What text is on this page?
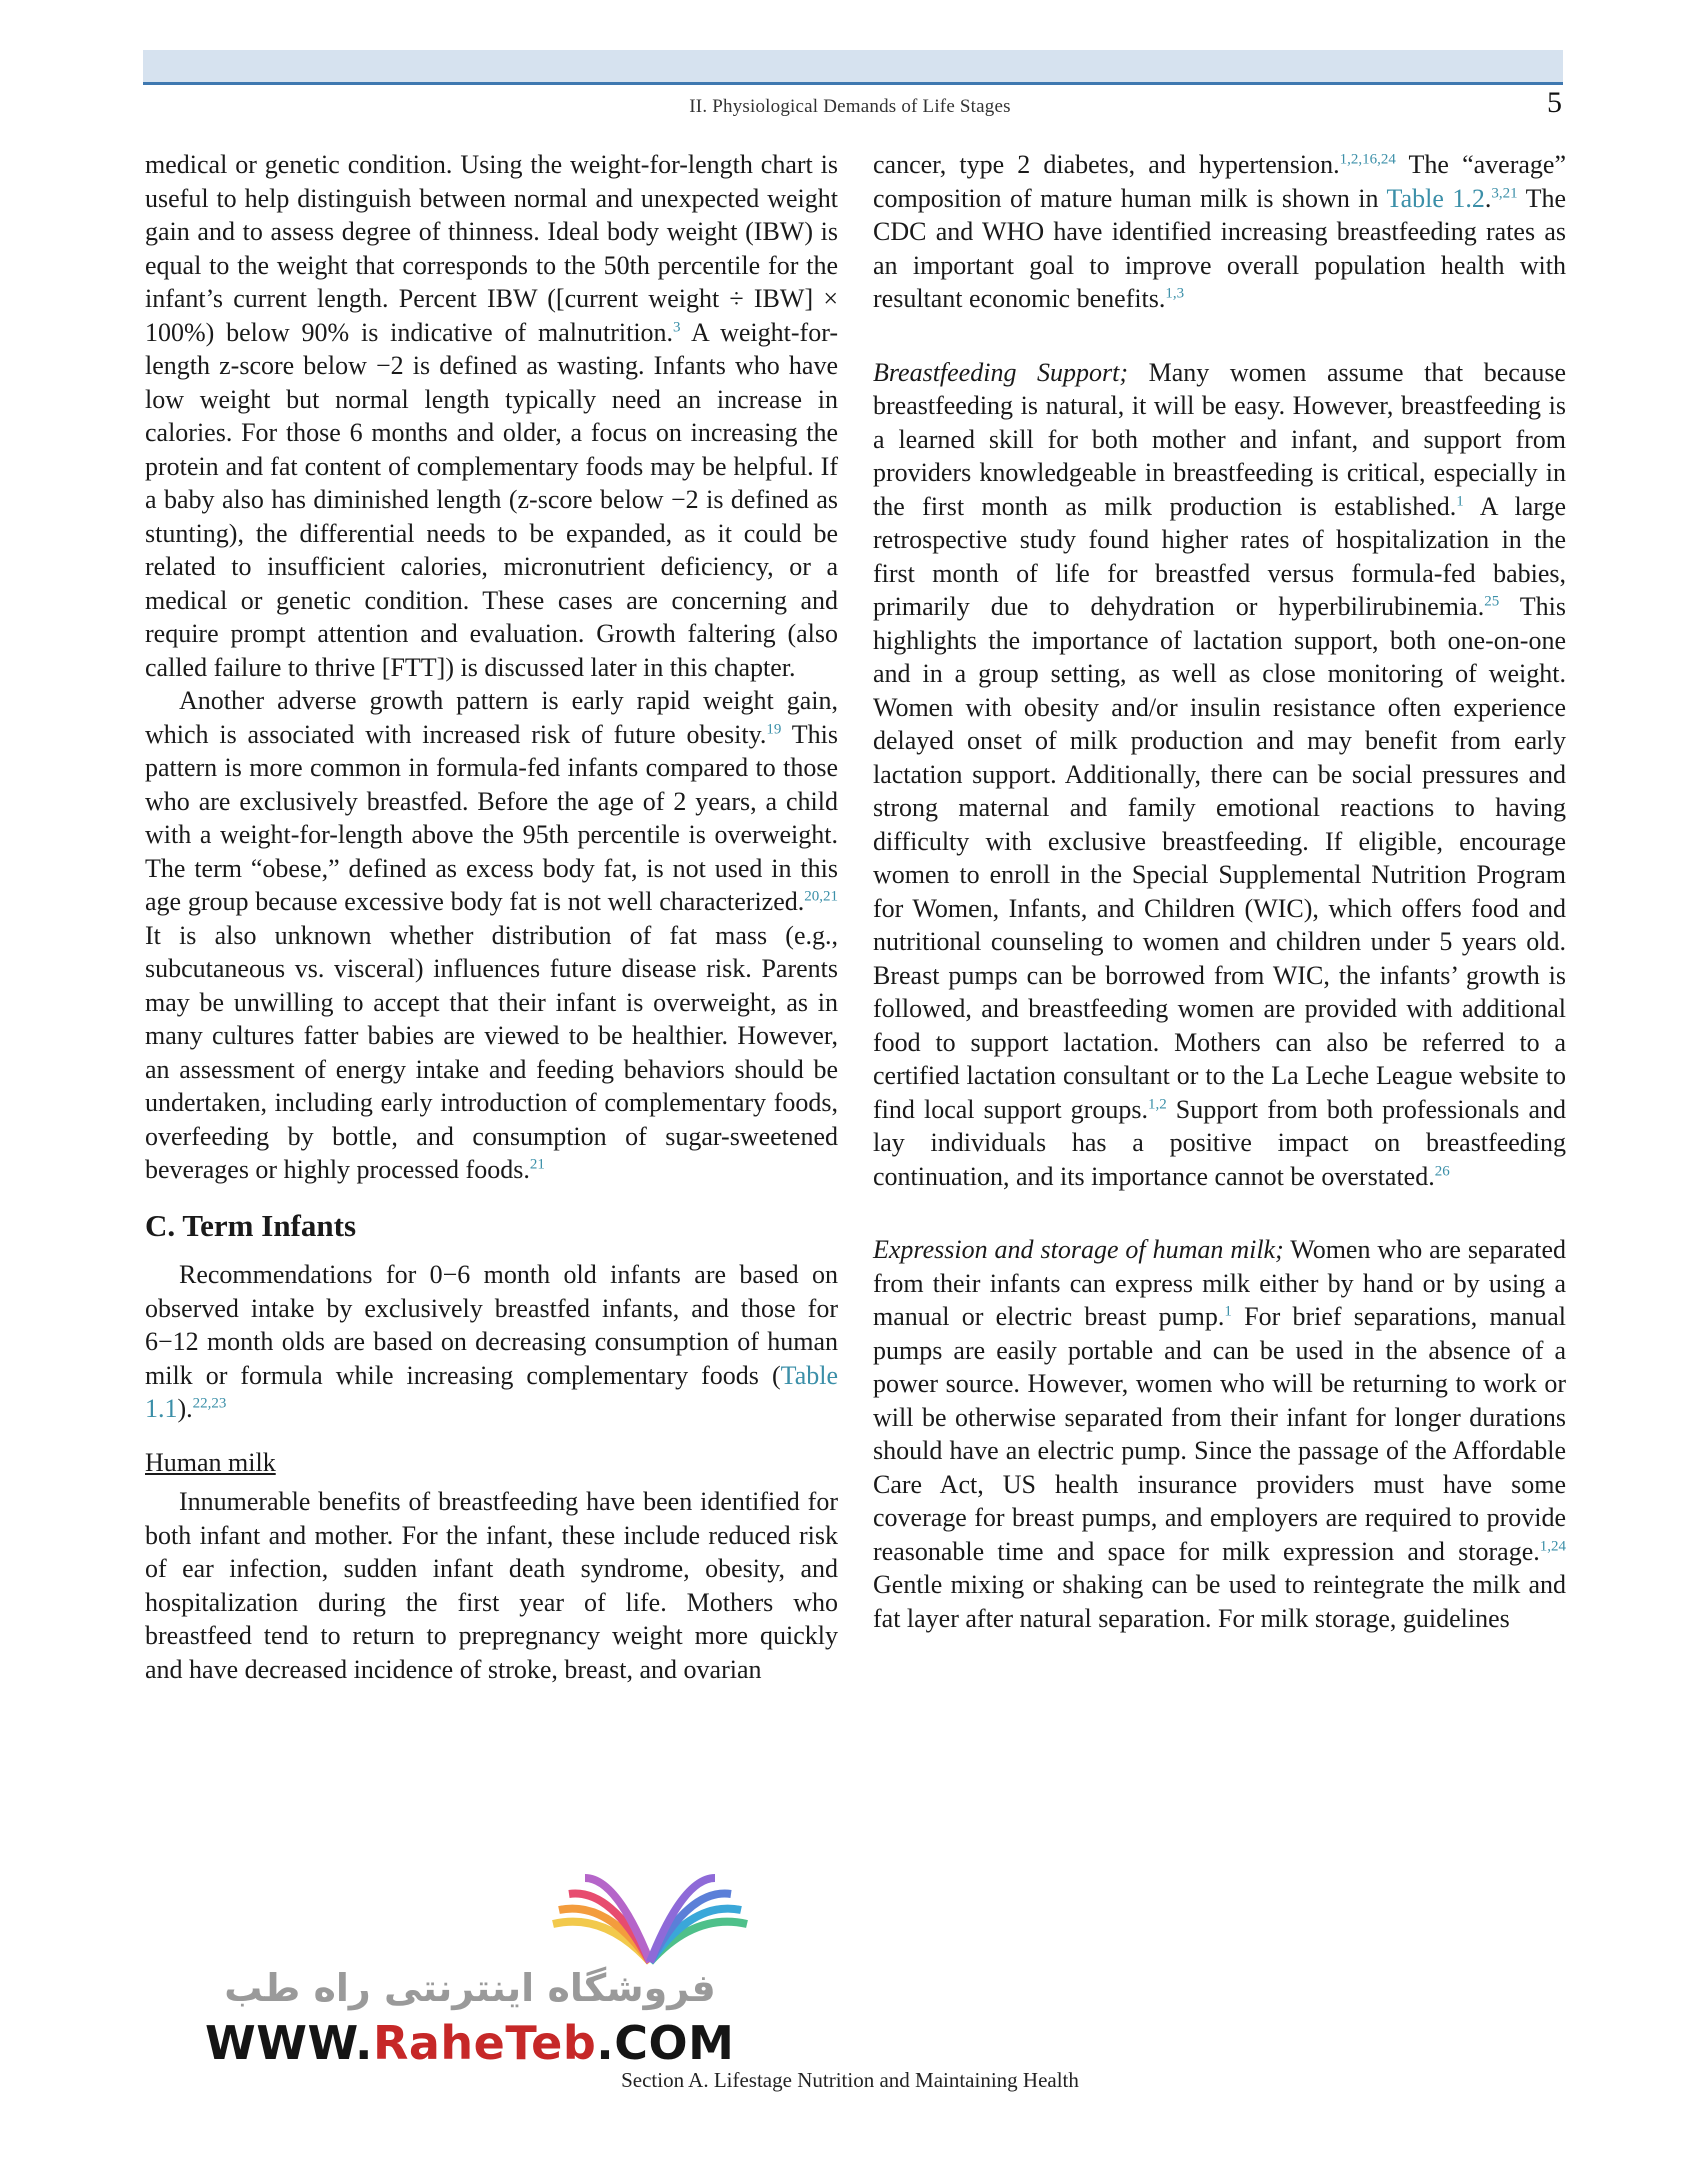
II. Physiological Demands of Life Stages	5

medical or genetic condition. Using the weight-for-length chart is useful to help distinguish between normal and unexpected weight gain and to assess degree of thinness. Ideal body weight (IBW) is equal to the weight that corresponds to the 50th percentile for the infant’s current length. Percent IBW ([current weight ÷ IBW] × 100%) below 90% is indicative of malnutrition.$^3$ A weight-for-length z-score below −2 is defined as wasting. Infants who have low weight but normal length typically need an increase in calories. For those 6 months and older, a focus on increasing the protein and fat content of complementary foods may be helpful. If a baby also has diminished length (z-score below −2 is defined as stunting), the differential needs to be expanded, as it could be related to insufficient calories, micronutrient deficiency, or a medical or genetic condition. These cases are concerning and require prompt attention and evaluation. Growth faltering (also called failure to thrive [FTT]) is discussed later in this chapter.

Another adverse growth pattern is early rapid weight gain, which is associated with increased risk of future obesity.$^{19}$ This pattern is more common in formula-fed infants compared to those who are exclusively breastfed. Before the age of 2 years, a child with a weight-for-length above the 95th percentile is overweight. The term “obese,” defined as excess body fat, is not used in this age group because excessive body fat is not well characterized.$^{20,21}$ It is also unknown whether distribution of fat mass (e.g., subcutaneous vs. visceral) influences future disease risk. Parents may be unwilling to accept that their infant is overweight, as in many cultures fatter babies are viewed to be healthier. However, an assessment of energy intake and feeding behaviors should be undertaken, including early introduction of complementary foods, overfeeding by bottle, and consumption of sugar-sweetened beverages or highly processed foods.$^{21}$

C. Term Infants

Recommendations for 0−6 month old infants are based on observed intake by exclusively breastfed infants, and those for 6−12 month olds are based on decreasing consumption of human milk or formula while increasing complementary foods (Table 1.1).$^{22,23}$

Human milk

Innumerable benefits of breastfeeding have been identified for both infant and mother. For the infant, these include reduced risk of ear infection, sudden infant death syndrome, obesity, and hospitalization during the first year of life. Mothers who breastfeed tend to return to prepregnancy weight more quickly and have decreased incidence of stroke, breast, and ovarian

cancer, type 2 diabetes, and hypertension.$^{1,2,16,24}$ The “average” composition of mature human milk is shown in Table 1.2.$^{3,21}$ The CDC and WHO have identified increasing breastfeeding rates as an important goal to improve overall population health with resultant economic benefits.$^{1,3}$

Breastfeeding Support; Many women assume that because breastfeeding is natural, it will be easy. However, breastfeeding is a learned skill for both mother and infant, and support from providers knowledgeable in breastfeeding is critical, especially in the first month as milk production is established.$^1$ A large retrospective study found higher rates of hospitalization in the first month of life for breastfed versus formula-fed babies, primarily due to dehydration or hyperbilirubinemia.$^{25}$ This highlights the importance of lactation support, both one-on-one and in a group setting, as well as close monitoring of weight. Women with obesity and/or insulin resistance often experience delayed onset of milk production and may benefit from early lactation support. Additionally, there can be social pressures and strong maternal and family emotional reactions to having difficulty with exclusive breastfeeding. If eligible, encourage women to enroll in the Special Supplemental Nutrition Program for Women, Infants, and Children (WIC), which offers food and nutritional counseling to women and children under 5 years old. Breast pumps can be borrowed from WIC, the infants’ growth is followed, and breastfeeding women are provided with additional food to support lactation. Mothers can also be referred to a certified lactation consultant or to the La Leche League website to find local support groups.$^{1,2}$ Support from both professionals and lay individuals has a positive impact on breastfeeding continuation, and its importance cannot be overstated.$^{26}$

Expression and storage of human milk; Women who are separated from their infants can express milk either by hand or by using a manual or electric breast pump.$^1$ For brief separations, manual pumps are easily portable and can be used in the absence of a power source. However, women who will be returning to work or will be otherwise separated from their infant for longer durations should have an electric pump. Since the passage of the Affordable Care Act, US health insurance providers must have some coverage for breast pumps, and employers are required to provide reasonable time and space for milk expression and storage.$^{1,24}$ Gentle mixing or shaking can be used to reintegrate the milk and fat layer after natural separation. For milk storage, guidelines

فروشگاه اینترنتی راه طب
WWW.RaheTeb.COM
Section A. Lifestage Nutrition and Maintaining Health
